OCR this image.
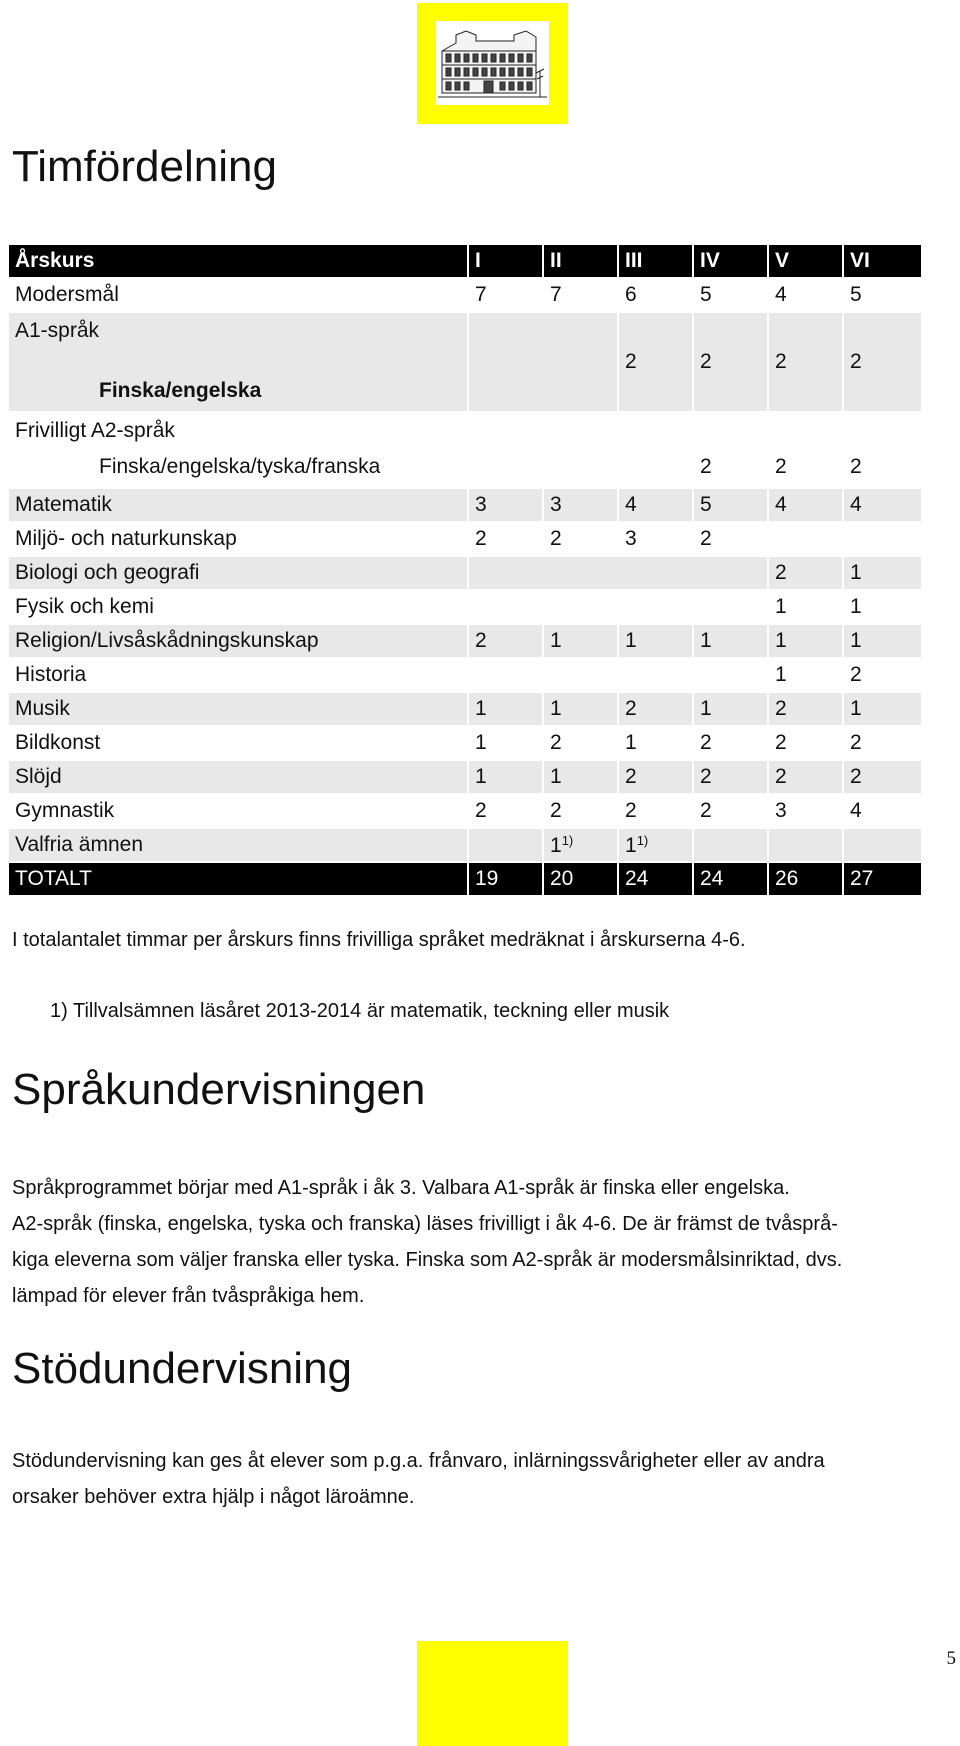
Timfördelning
Årskurs	I	II	III	IV	V	VI
Modersmål	7	7	6	5	4	5

A1-språk
Finska/engelska			2	2	2	2

Frivilligt A2-språk
Finska/engelska/tyska/franska				2	2	2
Matematik	3	3	4	5	4	4
Miljö- och naturkunskap	2	2	3	2		
Biologi och geografi					2	1
Fysik och kemi					1	1
Religion/Livsåskådningskunskap	2	1	1	1	1	1
Historia					1	2
Musik	1	1	2	1	2	1
Bildkonst	1	2	1	2	2	2
Slöjd	1	1	2	2	2	2
Gymnastik	2	2	2	2	3	4
Valfria ämnen		1$^{1)}$	1$^{1)}$			
TOTALT	19	20	24	24	26	27
I totalantalet timmar per årskurs finns frivilliga språket medräknat i årskurserna 4-6.
1) Tillvalsämnen läsåret 2013-2014 är matematik, teckning eller musik
Språkundervisningen

Språkprogrammet börjar med A1-språk i åk 3. Valbara A1-språk är finska eller engelska.
A2-språk (finska, engelska, tyska och franska) läses frivilligt i åk 4-6. De är främst de tvåsprå-
kiga eleverna som väljer franska eller tyska. Finska som A2-språk är modersmålsinriktad, dvs.
lämpad för elever från tvåspråkiga hem.

Stödundervisning

Stödundervisning kan ges åt elever som p.g.a. frånvaro, inlärningssvårigheter eller av andra
orsaker behöver extra hjälp i något läroämne.

5
